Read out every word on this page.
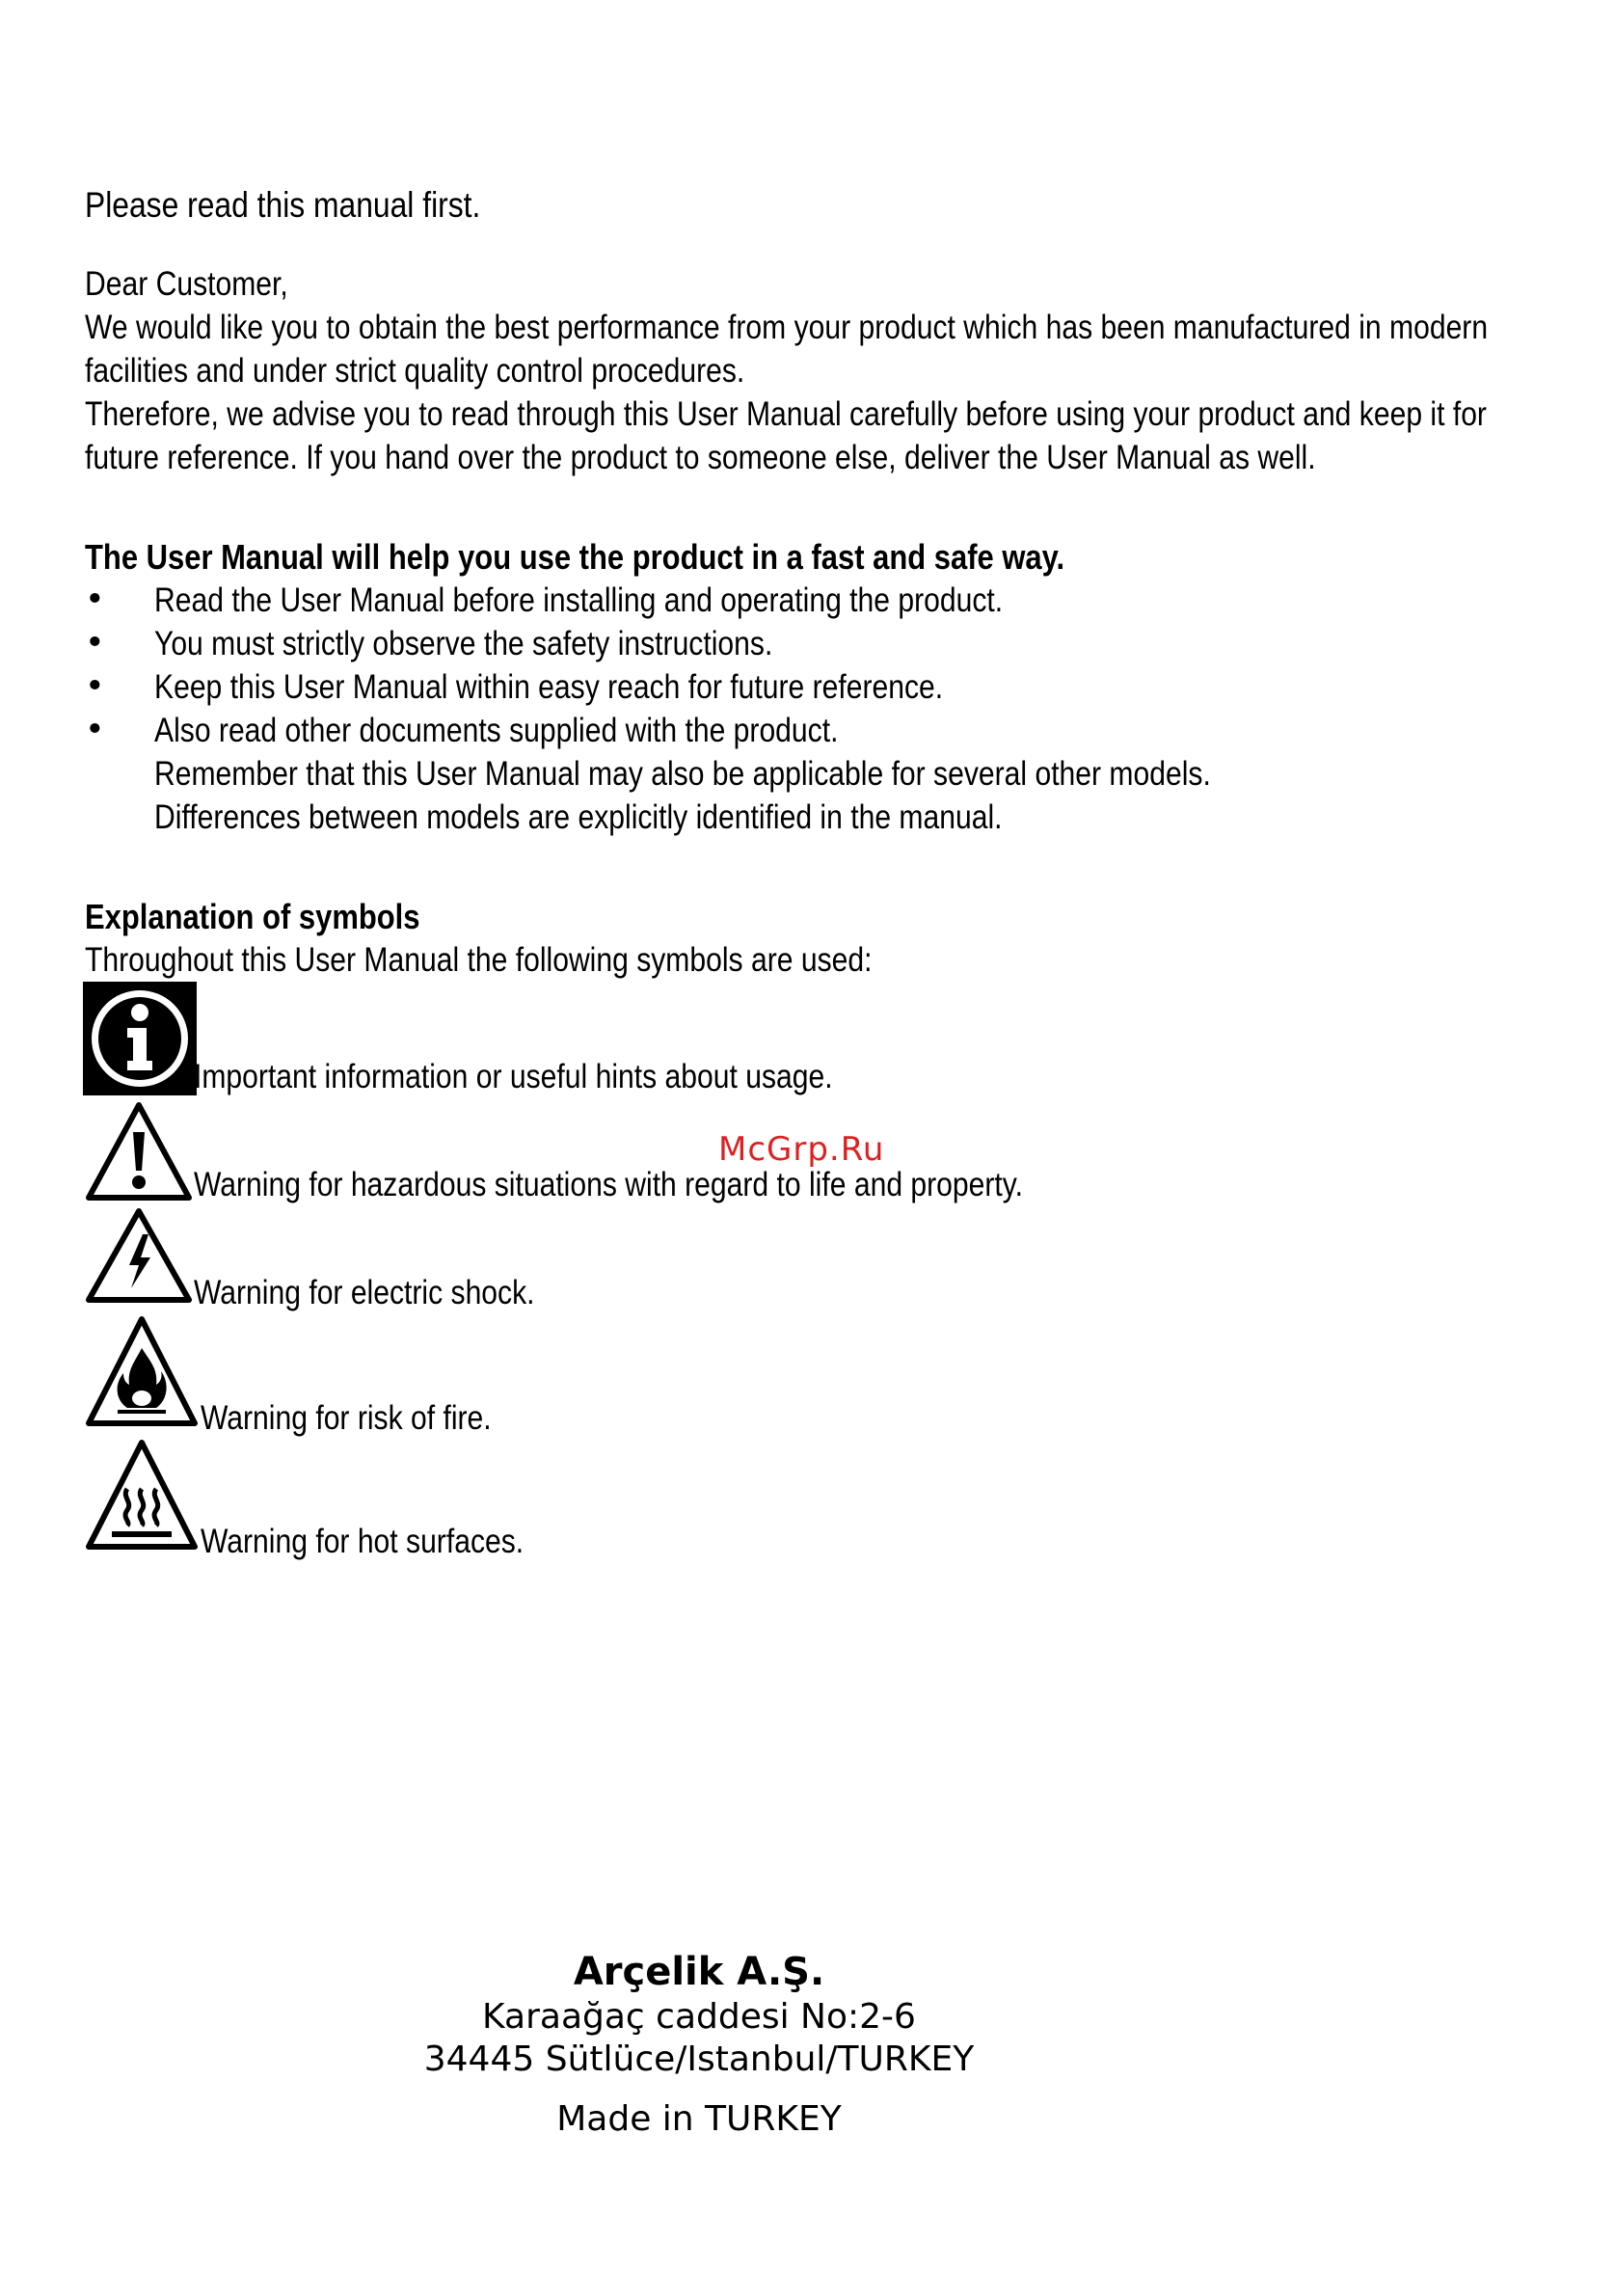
Please read this manual first.
Dear Customer,
We would like you to obtain the best performance from your product which has been manufactured in modern facilities and under strict quality control procedures.
Therefore, we advise you to read through this User Manual carefully before using your product and keep it for future reference. If you hand over the product to someone else, deliver the User Manual as well.
The User Manual will help you use the product in a fast and safe way.
•	Read the User Manual before installing and operating the product.
•	You must strictly observe the safety instructions.
•	Keep this User Manual within easy reach for future reference.
•	Also read other documents supplied with the product.
Remember that this User Manual may also be applicable for several other models.
Differences between models are explicitly identified in the manual.
Explanation of symbols
Throughout this User Manual the following symbols are used:
Important information or useful hints about usage.
Warning for hazardous situations with regard to life and property.
Warning for electric shock.
Warning for risk of fire.
Warning for hot surfaces.
McGrp.Ru
Arçelik A.Ş.
Karaağaç caddesi No:2-6
34445 Sütlüce/Istanbul/TURKEY
Made in TURKEY
